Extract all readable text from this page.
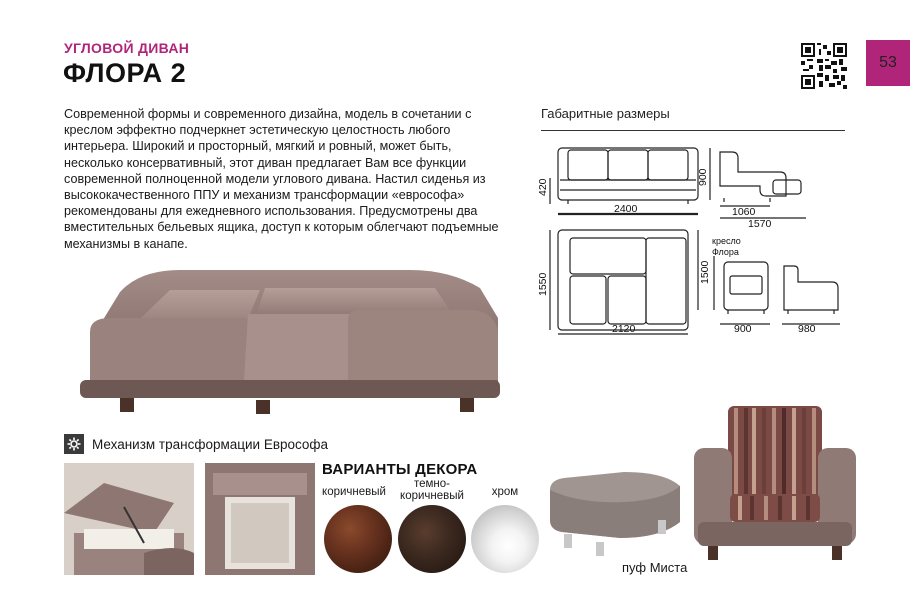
УГЛОВОЙ ДИВАН
ФЛОРА 2	53
Современной формы и современного дизайна, модель в сочетании с креслом эффектно подчеркнет эстетическую целостность любого интерьера. Широкий и просторный, мягкий и ровный, может быть, несколько консервативный, этот диван предлагает Вам все функции современной полноценной модели углового дивана. Настил сиденья из высококачественного ППУ и механизм трансформации «еврософа» рекомендованы для ежедневного использования. Предусмотрены два вместительных бельевых ящика, доступ к которым облегчают подъемные механизмы в канапе.
Габаритные размеры
420
2400
900
1060
1570
1550
2120
1500
кресло
Флора
900	980
Механизм трансформации Еврософа
ВАРИАНТЫ ДЕКОРА
коричневый
темно-
коричневый	хром
пуф Миста
